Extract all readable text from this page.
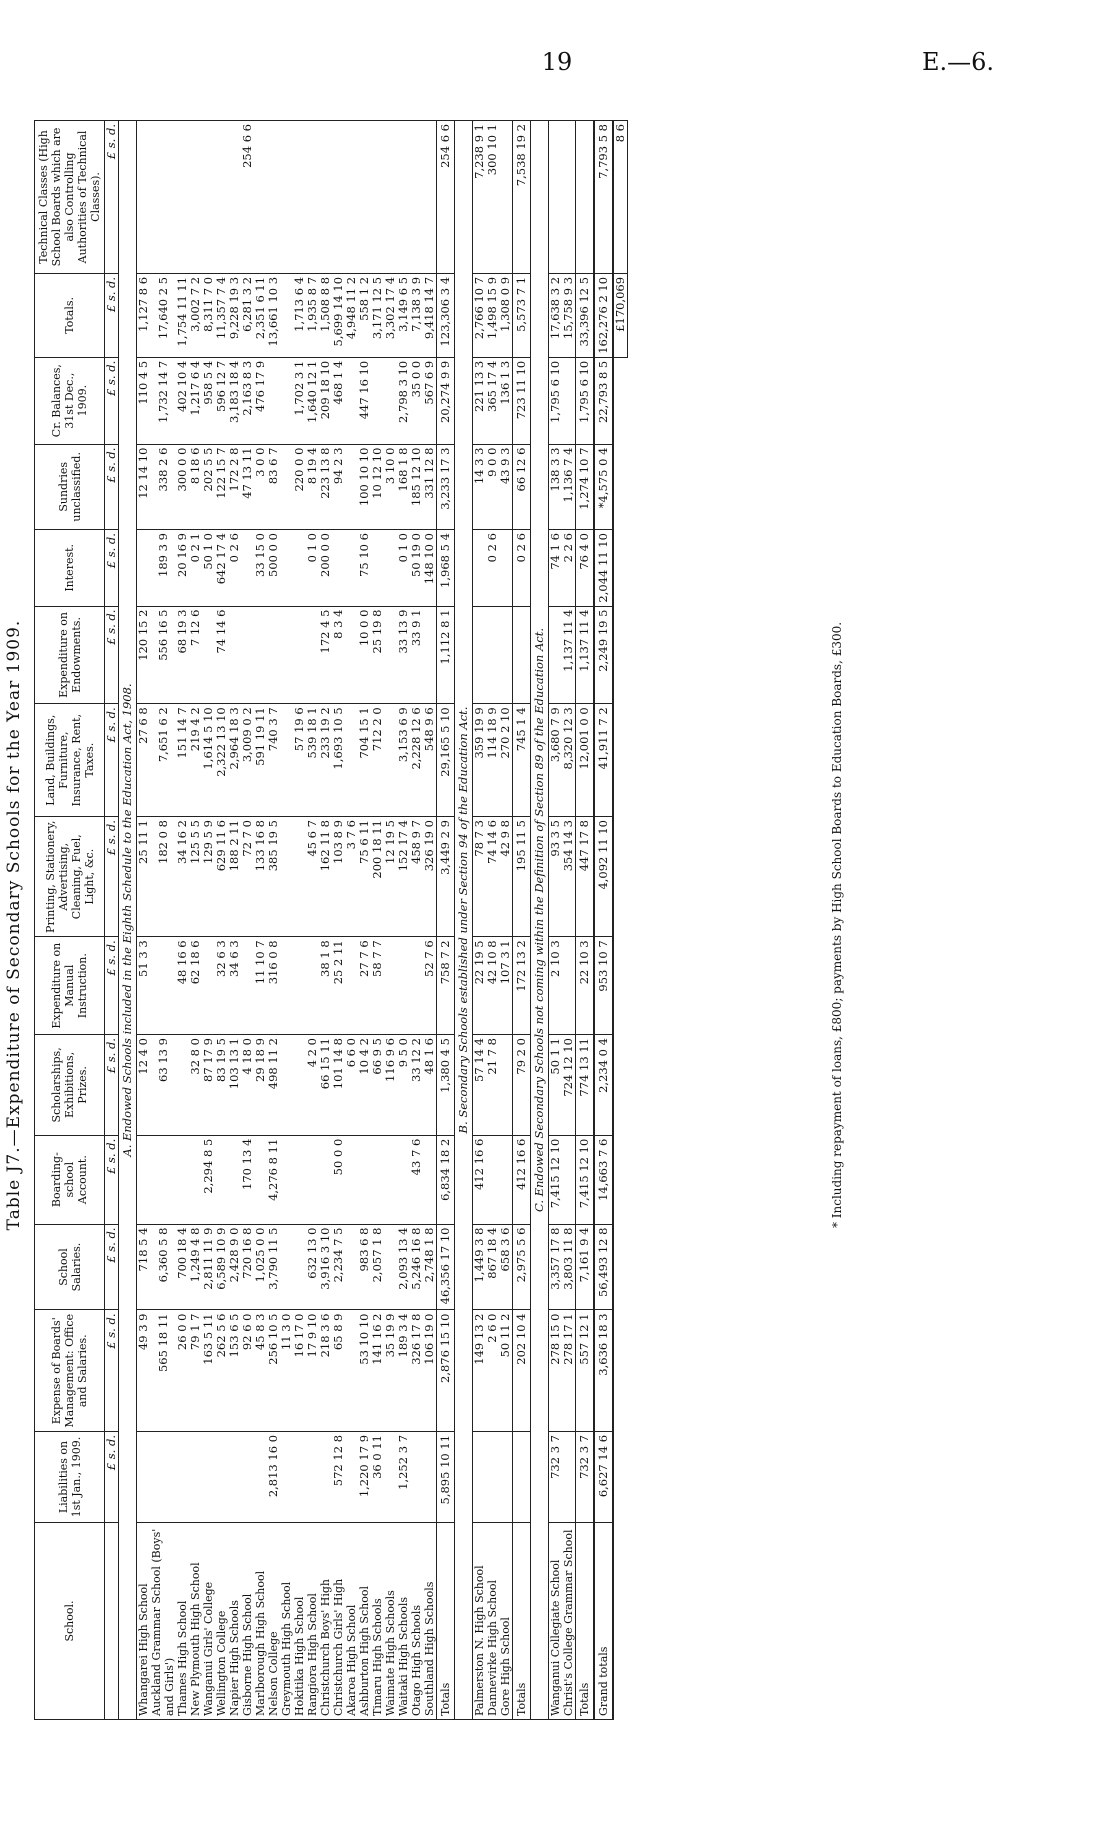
19	E.—6.
Table J7.—Expenditure of Secondary Schools for the Year 1909.
School.	Liabilities on 1st Jan., 1909.	Expense of Boards' Management: Office and Salaries.	School Salaries.	Boarding-school Account.	Scholarships, Exhibitions, Prizes.	Expenditure on Manual Instruction.	Printing, Stationery, Advertising, Cleaning, Fuel, Light, &c.	Land, Buildings, Furniture, Insurance, Rent, Taxes.	Expenditure on Endowments.	Interest.	Sundries unclassified.	Cr. Balances, 31st Dec., 1909.	Totals.	Technical Classes (High School Boards which are also Controlling Authorities of Technical Classes).
	£ s. d.	£ s. d.	£ s. d.	£ s. d.	£ s. d.	£ s. d.	£ s. d.	£ s. d.	£ s. d.	£ s. d.	£ s. d.	£ s. d.	£ s. d.	£ s. d.
A. Endowed Schools included in the Eighth Schedule to the Education Act, 1908.														
Whangarei High School		49 3 9	718 5 4		12 4 0	51 3 3	25 11 1	27 6 8	120 15 2		12 14 10	110 4 5	1,127 8 6	
Auckland Grammar School (Boys' and Girls')		565 18 11	6,360 5 8		63 13 9		182 0 8	7,651 6 2	556 16 5	189 3 9	338 2 6	1,732 14 7	17,640 2 5	
Thames High School		26 0 0	700 18 4			48 16 6	34 16 2	151 14 7	68 19 3	20 16 9	300 0 0	402 10 4	1,754 11 11	
New Plymouth High School		79 1 7	1,249 4 8		32 8 0	62 18 6	125 5 5	219 4 2	7 12 6	0 2 1	8 18 6	1,217 6 4	3,002 7 2	
Wanganui Girls' College		163 5 11	2,811 11 9	2,294 8 5	87 17 9		129 5 9	1,614 5 10		50 1 0	202 5 5	958 5 4	8,311 7 0	
Wellington College		262 5 6	6,589 10 9		83 19 5	32 6 3	629 11 6	2,322 13 10	74 14 6	642 17 4	122 15 7	596 12 7	11,357 7 4	
Napier High Schools		153 6 5	2,428 9 0		103 13 1	34 6 3	188 2 11	2,964 18 3		0 2 6	172 2 8	3,183 18 4	9,228 19 3	
Gisborne High School		92 6 0	720 16 8	170 13 4	4 18 0		72 7 0	3,009 0 2			47 13 11	2,163 8 3	6,281 3 2	254 6 6
Marlborough High School		45 8 3	1,025 0 0		29 18 9	11 10 7	133 16 8	591 19 11		33 15 0	3 0 0	476 17 9	2,351 6 11	
Nelson College	2,813 16 0	256 10 5	3,790 11 5	4,276 8 11	498 11 2	316 0 8	385 19 5	740 3 7		500 0 0	83 6 7		13,661 10 3	
Greymouth High School		11 3 0												
Hokitika High School		16 17 0						57 19 6			220 0 0	1,702 3 1	1,713 6 4	
Rangiora High School		17 9 10	632 13 0		4 2 0		45 6 7	539 18 1		0 1 0	8 19 4	1,640 12 1	1,935 8 7	
Christchurch Boys' High		218 3 6	3,916 3 10		66 15 11	38 1 8	162 11 8	233 19 2	172 4 5	200 0 0	223 13 8	209 18 10	1,508 8 8	
Christchurch Girls' High	572 12 8	65 8 9	2,234 7 5	50 0 0	101 14 8	25 2 11	103 8 9	1,693 10 5	8 3 4		94 2 3	468 1 4	5,699 14 10	
Akaroa High School					6 6 0		3 7 6						4,948 11 2	
Ashburton High School	1,220 17 9	53 10 10	983 6 8		10 4 2	27 7 6	75 6 11	704 15 1	10 0 0	75 10 6	100 10 10	447 16 10	558 1 2	
Timaru High Schools	36 0 11	141 16 2	2,057 1 8		66 9 5	58 7 7	200 18 11	712 2 0	25 19 8		10 12 10		3,171 12 5	
Waimate High Schools		35 19 9			116 9 6		12 19 5				3 10 0		3,302 17 4	
Waitaki High Schools	1,252 3 7	189 3 4	2,093 13 4		9 5 0		152 17 4	3,153 6 9	33 13 9	0 1 0	168 1 8	2,798 3 10	3,149 6 5	
Otago High Schools		326 17 8	5,246 16 8	43 7 6	33 12 2		458 9 7	2,228 12 6	33 9 1	50 19 0	185 12 10	35 0 0	7,138 3 9	
Southland High Schools		106 19 0	2,748 1 8		48 1 6	52 7 6	326 19 0	548 9 6		148 10 0	331 12 8	567 6 9	9,418 14 7	
Totals	5,895 10 11	2,876 15 10	46,356 17 10	6,834 18 2	1,380 4 5	758 7 2	3,449 2 9	29,165 5 10	1,112 8 1	1,968 5 4	3,233 17 3	20,274 9 9	123,306 3 4	254 6 6
B. Secondary Schools established under Section 94 of the Education Act.														
Palmerston N. High School		149 13 2	1,449 3 8	412 16 6	57 14 4	22 19 5	78 7 3	359 19 9			14 3 3	221 13 3	2,766 10 7	7,238 9 1
Dannevirke High School		2 6 0	867 18 4		21 7 8	42 10 8	74 14 6	114 18 9		0 2 6	9 0 0	365 17 4	1,498 15 9	300 10 1
Gore High School		50 11 2	658 3 6			107 3 1	42 9 8	270 2 10			43 9 3	136 1 3	1,308 0 9	
Totals		202 10 4	2,975 5 6	412 16 6	79 2 0	172 13 2	195 11 5	745 1 4		0 2 6	66 12 6	723 11 10	5,573 7 1	7,538 19 2
C. Endowed Secondary Schools not coming within the Definition of Section 89 of the Education Act.														
Wanganui Collegiate School	732 3 7	278 15 0	3,357 17 8	7,415 12 10	50 1 1	2 10 3	93 3 5	3,680 7 9		74 1 6	138 3 3	1,795 6 10	17,638 3 2	
Christ's College Grammar School		278 17 1	3,803 11 8		724 12 10		354 14 3	8,320 12 3	1,137 11 4	2 2 6	1,136 7 4		15,758 9 3	
Totals	732 3 7	557 12 1	7,161 9 4	7,415 12 10	774 13 11	22 10 3	447 17 8	12,001 0 0	1,137 11 4	76 4 0	1,274 10 7	1,795 6 10	33,396 12 5	
Grand totals	6,627 14 6	3,636 18 3	56,493 12 8	14,663 7 6	2,234 0 4	953 10 7	4,092 11 10	41,911 7 2	2,249 19 5	2,044 11 10	*4,575 0 4	22,793 8 5	162,276 2 10	7,793 5 8
													£170,069	8 6
* Including repayment of loans, £800; payments by High School Boards to Education Boards, £300.
